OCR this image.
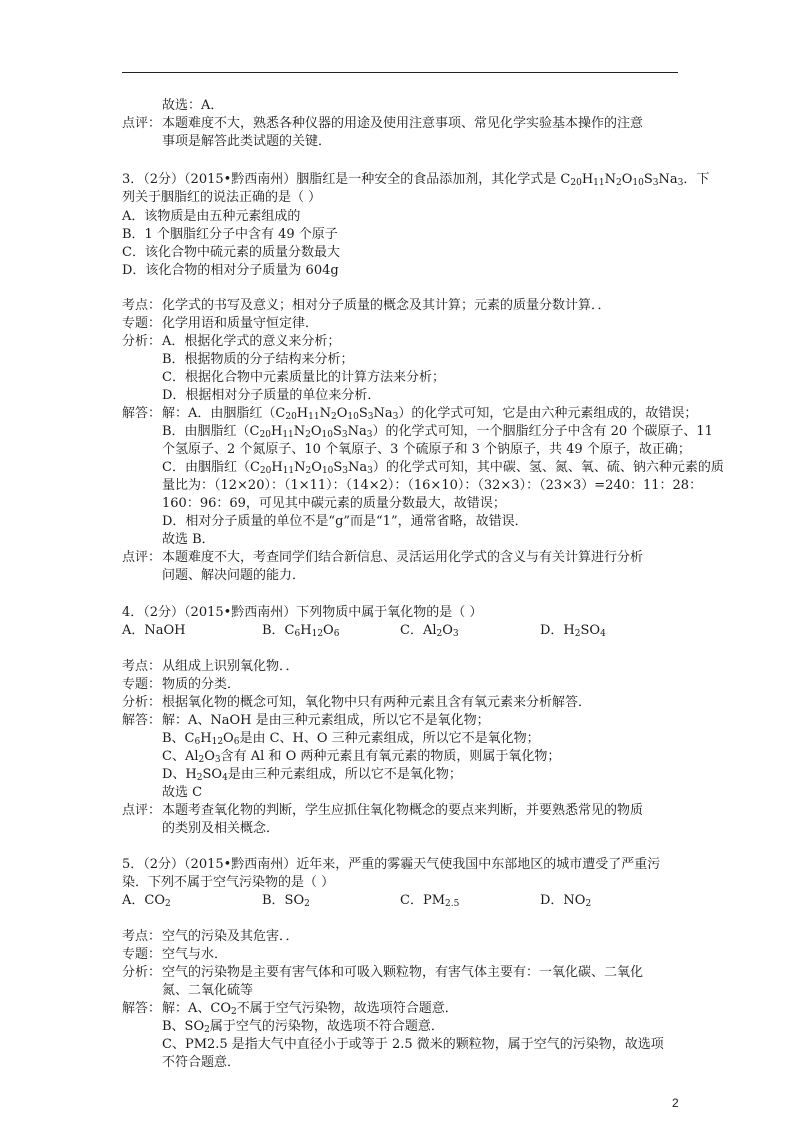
故选：A．
点评： 本题难度不大，熟悉各种仪器的用途及使用注意事项、常见化学实验基本操作的注意
事项是解答此类试题的关键．
3．（2分）（2015•黔西南州）胭脂红是一种安全的食品添加剂，其化学式是 $C_{20}H_{11}N_2O_{10}S_3Na_3$．下
列关于胭脂红的说法正确的是（ ）
A．该物质是由五种元素组成的
B．1 个胭脂红分子中含有 49 个原子
C．该化合物中硫元素的质量分数最大
D．该化合物的相对分子质量为 604g
考点： 化学式的书写及意义；相对分子质量的概念及其计算；元素的质量分数计算．．
专题： 化学用语和质量守恒定律．
分析： A．根据化学式的意义来分析；
B．根据物质的分子结构来分析；
C．根据化合物中元素质量比的计算方法来分析；
D．根据相对分子质量的单位来分析．
解答： 解：A．由胭脂红$(C_{20}H_{11}N_2O_{10}S_3Na_3)$的化学式可知，它是由六种元素组成的，故错误；
B．由胭脂红$(C_{20}H_{11}N_2O_{10}S_3Na_3)$的化学式可知，一个胭脂红分子中含有 20 个碳原子、11
个氢原子、2 个氮原子、10 个氧原子、3 个硫原子和 3 个钠原子，共 49 个原子，故正确；
C．由胭脂红$(C_{20}H_{11}N_2O_{10}S_3Na_3)$的化学式可知，其中碳、氢、氮、氧、硫、钠六种元素的质
量比为：（12×20）：（1×11）：（14×2）：（16×10）：（32×3）：（23×3）=240：11：28：
160：96：69，可见其中碳元素的质量分数最大，故错误；
D．相对分子质量的单位不是“g”而是“1”，通常省略，故错误．
故选 B．
点评： 本题难度不大，考查同学们结合新信息、灵活运用化学式的含义与有关计算进行分析
问题、解决问题的能力．
4．（2分）（2015•黔西南州）下列物质中属于氧化物的是（ ）
A．NaOH	B．$C_6H_{12}O_6$	C．$Al_2O_3$	D．$H_2SO_4$
考点： 从组成上识别氧化物．．
专题： 物质的分类．
分析： 根据氧化物的概念可知，氧化物中只有两种元素且含有氧元素来分析解答．
解答： 解：A、NaOH 是由三种元素组成，所以它不是氧化物；
B、$C_6H_{12}O_6$是由 C、H、O 三种元素组成，所以它不是氧化物；
C、$Al_2O_3$含有 Al 和 O 两种元素且有氧元素的物质，则属于氧化物；
D、$H_2SO_4$是由三种元素组成，所以它不是氧化物；
故选 C
点评： 本题考查氧化物的判断，学生应抓住氧化物概念的要点来判断，并要熟悉常见的物质
的类别及相关概念．
5．（2分）（2015•黔西南州）近年来，严重的雾霾天气使我国中东部地区的城市遭受了严重污
染．下列不属于空气污染物的是（ ）
A．$CO_2$	B．$SO_2$	C．$PM_{2.5}$	D．$NO_2$
考点： 空气的污染及其危害．．
专题： 空气与水．
分析： 空气的污染物是主要有害气体和可吸入颗粒物，有害气体主要有：一氧化碳、二氧化
氮、二氧化硫等
解答： 解：A、$CO_2$不属于空气污染物，故选项符合题意．
B、$SO_2$属于空气的污染物，故选项不符合题意．
C、PM2.5 是指大气中直径小于或等于 2.5 微米的颗粒物，属于空气的污染物，故选项
不符合题意．
2
